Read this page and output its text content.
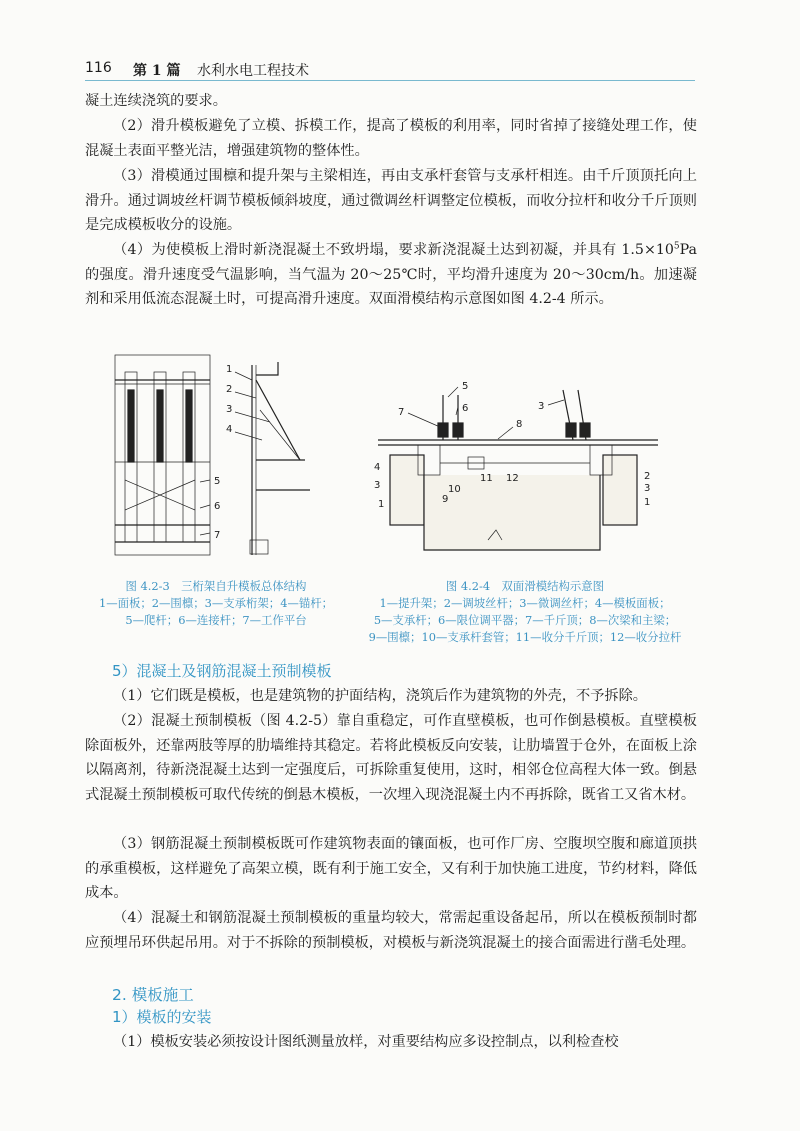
116 第 1 篇 水利水电工程技术

凝土连续浇筑的要求。

（2）滑升模板避免了立模、拆模工作，提高了模板的利用率，同时省掉了接缝处理工作，使混凝土表面平整光洁，增强建筑物的整体性。

（3）滑模通过围檩和提升架与主梁相连，再由支承杆套管与支承杆相连。由千斤顶顶托向上滑升。通过调坡丝杆调节模板倾斜坡度，通过微调丝杆调整定位模板，而收分拉杆和收分千斤顶则是完成模板收分的设施。

（4）为使模板上滑时新浇混凝土不致坍塌，要求新浇混凝土达到初凝，并具有 $1.5\times 10^5Pa$ 的强度。滑升速度受气温影响，当气温为 20～25℃时，平均滑升速度为 20～30cm/h。加速凝剂和采用低流态混凝土时，可提高滑升速度。双面滑模结构示意图如图 4.2-4 所示。

1
2
3
4
5
6
7
图 4.2-3　三桁架自升模板总体结构
1—面板；2—围檩；3—支承桁架；4—锚杆；
5—爬杆；6—连接杆；7—工作平台
5
6
7
8
3
4
3
1
10
9
11 12	2
3
1
图 4.2-4　双面滑模结构示意图
1—提升架；2—调坡丝杆；3—微调丝杆；4—模板面板；
5—支承杆；6—限位调平器；7—千斤顶；8—次梁和主梁；
9—围檩；10—支承杆套管；11—收分千斤顶；12—收分拉杆
5）混凝土及钢筋混凝土预制模板

（1）它们既是模板，也是建筑物的护面结构，浇筑后作为建筑物的外壳，不予拆除。

（2）混凝土预制模板（图 4.2-5）靠自重稳定，可作直壁模板，也可作倒悬模板。直壁模板除面板外，还靠两肢等厚的肋墙维持其稳定。若将此模板反向安装，让肋墙置于仓外，在面板上涂以隔离剂，待新浇混凝土达到一定强度后，可拆除重复使用，这时，相邻仓位高程大体一致。倒悬式混凝土预制模板可取代传统的倒悬木模板，一次埋入现浇混凝土内不再拆除，既省工又省木材。

（3）钢筋混凝土预制模板既可作建筑物表面的镶面板，也可作厂房、空腹坝空腹和廊道顶拱的承重模板，这样避免了高架立模，既有利于施工安全，又有利于加快施工进度，节约材料，降低成本。

（4）混凝土和钢筋混凝土预制模板的重量均较大，常需起重设备起吊，所以在模板预制时都应预埋吊环供起吊用。对于不拆除的预制模板，对模板与新浇筑混凝土的接合面需进行凿毛处理。

2. 模板施工
1）模板的安装

（1）模板安装必须按设计图纸测量放样，对重要结构应多设控制点，以利检查校
